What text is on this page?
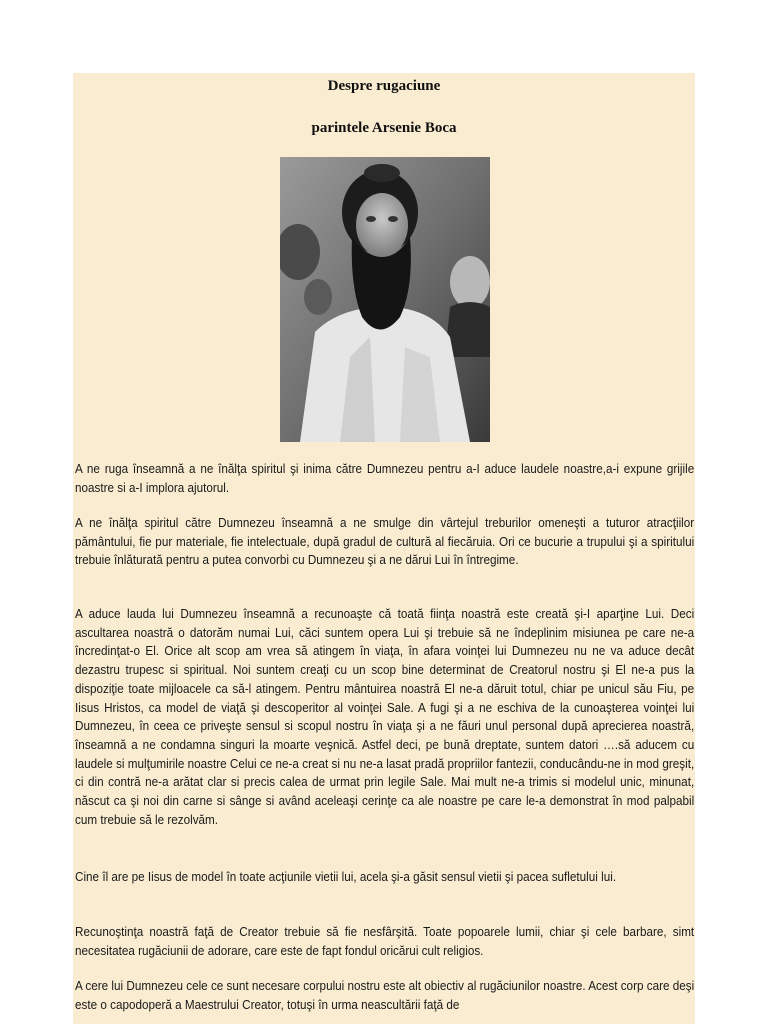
Despre rugaciune
parintele Arsenie Boca

A ne ruga înseamnă a ne înălţa spiritul şi inima către Dumnezeu pentru a-I aduce laudele noastre,a-i expune grijile noastre si a-I implora ajutorul.

A ne înălţa spiritul către Dumnezeu înseamnă a ne smulge din vârtejul treburilor omeneşti a tuturor atracţiilor pământului, fie pur materiale, fie intelectuale, după gradul de cultură al fiecăruia. Ori ce bucurie a trupului şi a spiritului trebuie înlăturată pentru a putea convorbi cu Dumnezeu şi a ne dărui Lui în întregime.

A aduce lauda lui Dumnezeu înseamnă a recunoaşte că toată fiinţa noastră este creată şi-I aparţine Lui. Deci ascultarea noastră o datorăm numai Lui, căci suntem opera Lui şi trebuie să ne îndeplinim misiunea pe care ne-a încredinţat-o El. Orice alt scop am vrea să atingem în viaţa, în afara voinţei lui Dumnezeu nu ne va aduce decât dezastru trupesc si spiritual. Noi suntem creaţi cu un scop bine determinat de Creatorul nostru şi El ne-a pus la dispoziţie toate mijloacele ca să-l atingem. Pentru mântuirea noastră El ne-a dăruit totul, chiar pe unicul său Fiu, pe Iisus Hristos, ca model de viaţă şi descoperitor al voinţei Sale. A fugi şi a ne eschiva de la cunoaşterea voinţei lui Dumnezeu, în ceea ce priveşte sensul si scopul nostru în viaţa şi a ne făuri unul personal după aprecierea noastră, înseamnă a ne condamna singuri la moarte veşnică. Astfel deci, pe bună dreptate, suntem datori ….să aducem cu laudele si mulţumirile noastre Celui ce ne-a creat si nu ne-a lasat pradă propriilor fantezii, conducându-ne in mod greşit, ci din contră ne-a arătat clar si precis calea de urmat prin legile Sale. Mai mult ne-a trimis si modelul unic, minunat, născut ca şi noi din carne si sânge si având aceleaşi cerinţe ca ale noastre pe care le-a demonstrat în mod palpabil cum trebuie să le rezolvăm.

Cine îl are pe Iisus de model în toate acţiunile vietii lui, acela şi-a găsit sensul vietii şi pacea sufletului lui.

Recunoştinţa noastră faţă de Creator trebuie să fie nesfârşită. Toate popoarele lumii, chiar şi cele barbare, simt necesitatea rugăciunii de adorare, care este de fapt fondul oricărui cult religios.

A cere lui Dumnezeu cele ce sunt necesare corpului nostru este alt obiectiv al rugăciunilor noastre. Acest corp care deşi este o capodoperă a Maestrului Creator, totuşi în urma neascultării faţă de
